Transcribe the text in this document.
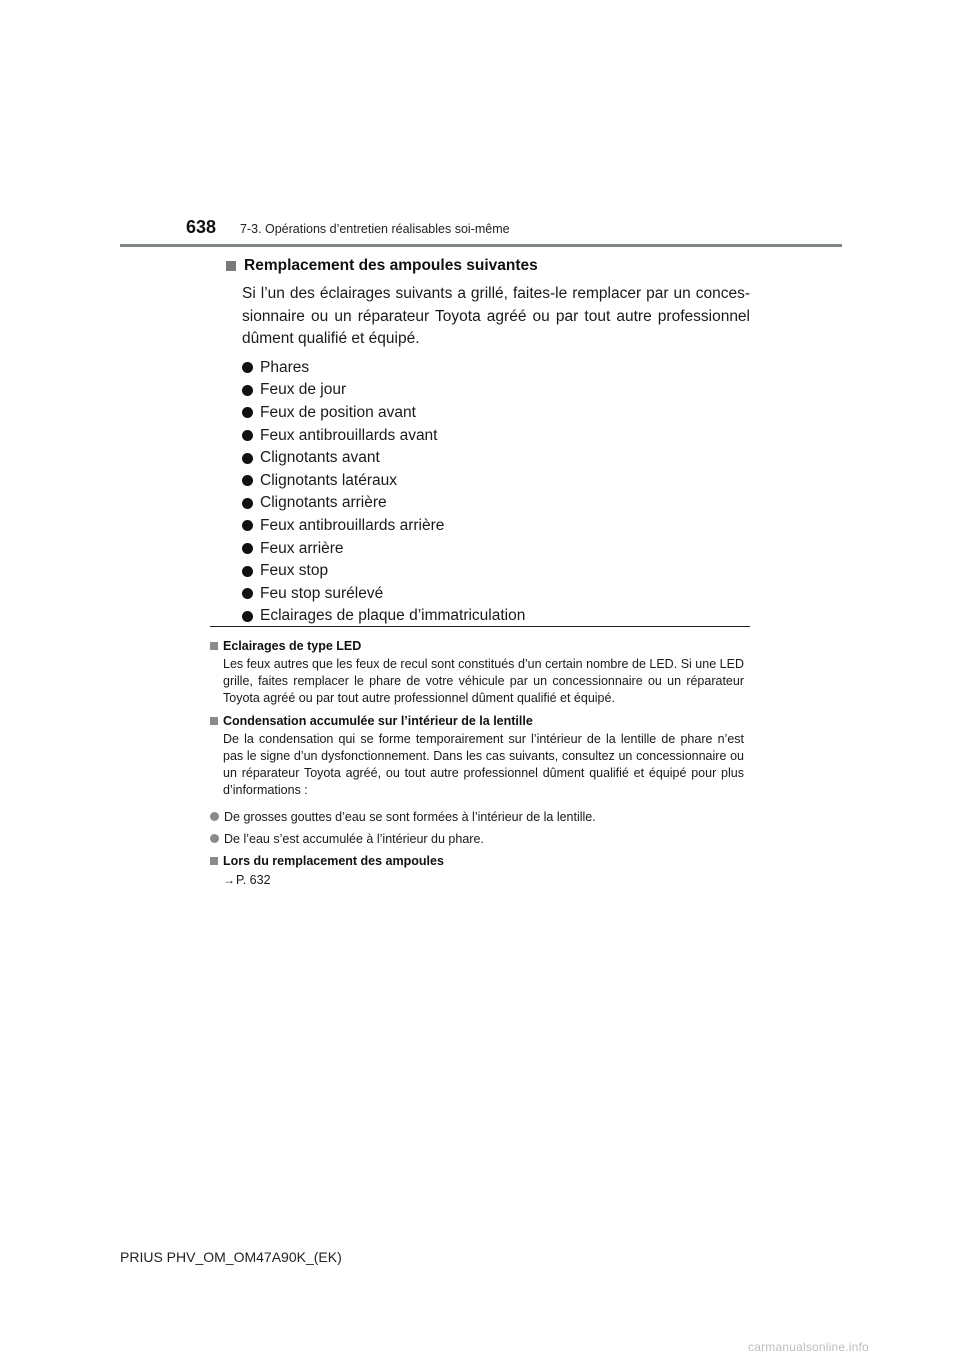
638 7-3. Opérations d’entretien réalisables soi-même
Remplacement des ampoules suivantes

Si l’un des éclairages suivants a grillé, faites-le remplacer par un concessionnaire ou un réparateur Toyota agréé ou par tout autre professionnel dûment qualifié et équipé.

Phares
Feux de jour
Feux de position avant
Feux antibrouillards avant
Clignotants avant
Clignotants latéraux
Clignotants arrière
Feux antibrouillards arrière
Feux arrière
Feux stop
Feu stop surélevé
Eclairages de plaque d’immatriculation
Eclairages de type LED

Les feux autres que les feux de recul sont constitués d’un certain nombre de LED. Si une LED grille, faites remplacer le phare de votre véhicule par un concessionnaire ou un réparateur Toyota agréé ou par tout autre professionnel dûment qualifié et équipé.

Condensation accumulée sur l’intérieur de la lentille

De la condensation qui se forme temporairement sur l’intérieur de la lentille de phare n’est pas le signe d’un dysfonctionnement. Dans les cas suivants, consultez un concessionnaire ou un réparateur Toyota agréé, ou tout autre professionnel dûment qualifié et équipé pour plus d’informations :

De grosses gouttes d’eau se sont formées à l’intérieur de la lentille.
De l’eau s’est accumulée à l’intérieur du phare.
Lors du remplacement des ampoules
→ P. 632
PRIUS PHV_OM_OM47A90K_(EK)
carmanualsonline.info
